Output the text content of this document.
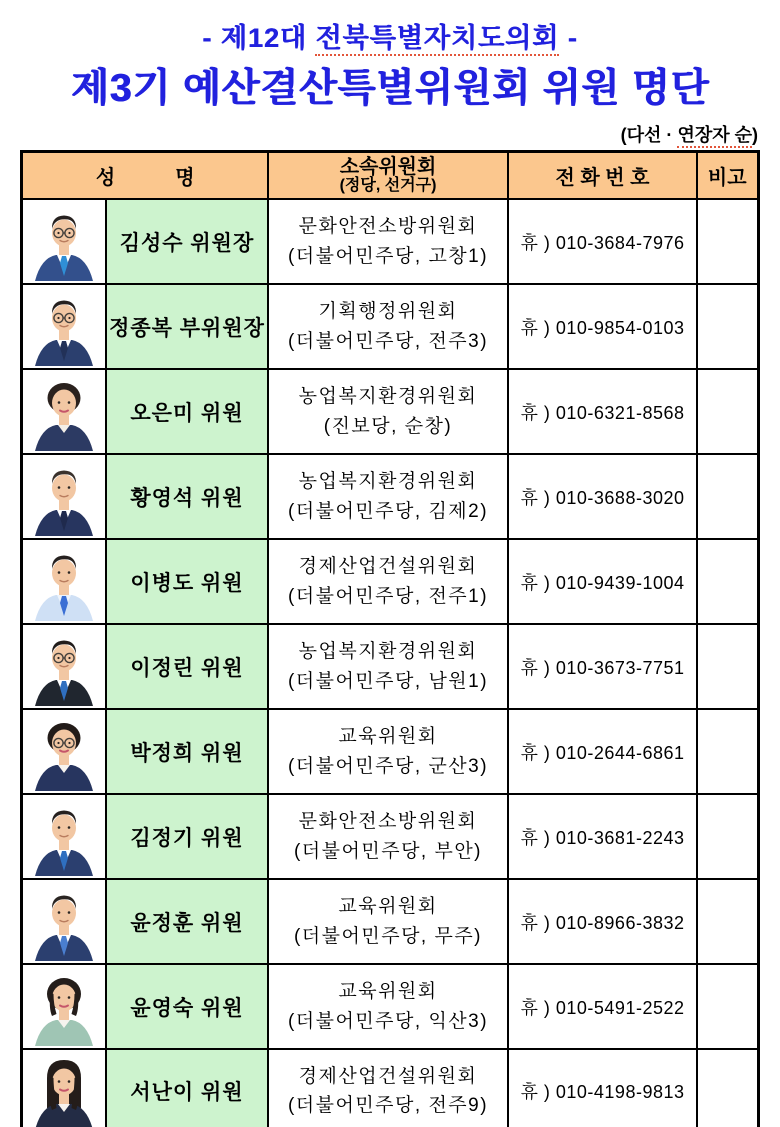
- 제12대 전북특별자치도의회 -
제3기 예산결산특별위원회 위원 명단
(다선 · 연장자 순)
성　　　명		소속위원회
(정당, 선거구)	전 화 번 호	비고

	김성수 위원장	문화안전소방위원회
(더불어민주당, 고창1)	휴 ) 010-3684-7976	

	정종복 부위원장	기획행정위원회
(더불어민주당, 전주3)	휴 ) 010-9854-0103	

	오은미 위원	농업복지환경위원회
(진보당, 순창)	휴 ) 010-6321-8568	

	황영석 위원	농업복지환경위원회
(더불어민주당, 김제2)	휴 ) 010-3688-3020	

	이병도 위원	경제산업건설위원회
(더불어민주당, 전주1)	휴 ) 010-9439-1004	

	이정린 위원	농업복지환경위원회
(더불어민주당, 남원1)	휴 ) 010-3673-7751	

	박정희 위원	교육위원회
(더불어민주당, 군산3)	휴 ) 010-2644-6861	

	김정기 위원	문화안전소방위원회
(더불어민주당, 부안)	휴 ) 010-3681-2243	

	윤정훈 위원	교육위원회
(더불어민주당, 무주)	휴 ) 010-8966-3832	

	윤영숙 위원	교육위원회
(더불어민주당, 익산3)	휴 ) 010-5491-2522	

	서난이 위원	경제산업건설위원회
(더불어민주당, 전주9)	휴 ) 010-4198-9813	
